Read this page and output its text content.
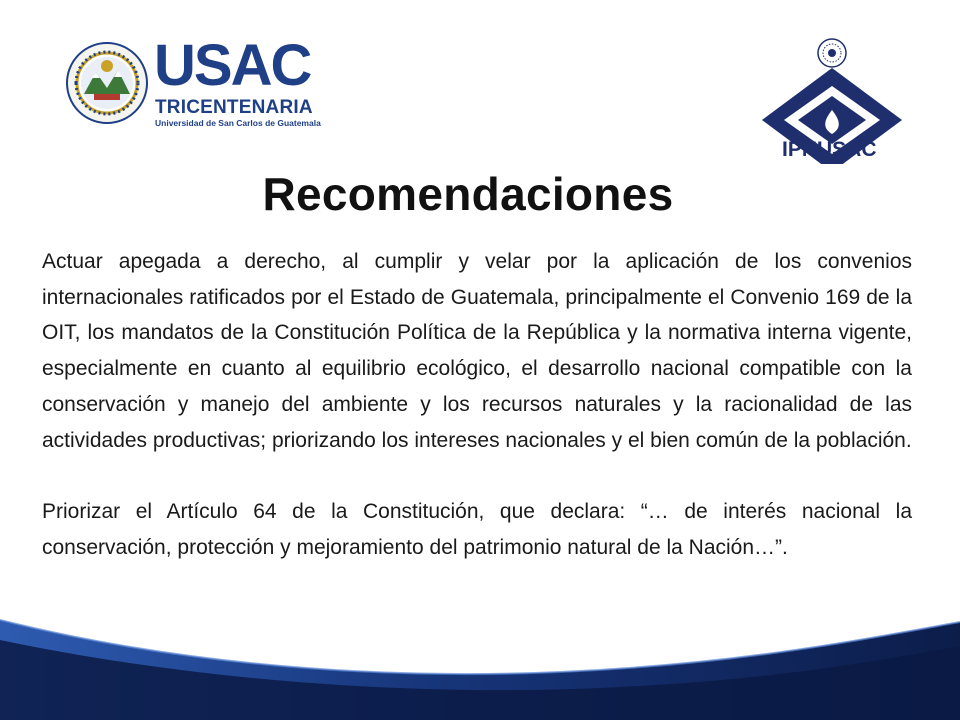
USAC
TRICENTENARIA
Universidad de San Carlos de Guatemala
IPNUSAC
Recomendaciones

Actuar apegada a derecho, al cumplir y velar por la aplicación de los convenios internacionales ratificados por el Estado de Guatemala, principalmente el Convenio 169 de la OIT, los mandatos de la Constitución Política de la República y la normativa interna vigente, especialmente en cuanto al equilibrio ecológico, el desarrollo nacional compatible con la conservación y manejo del ambiente y los recursos naturales y la racionalidad de las actividades productivas; priorizando los intereses nacionales y el bien común de la población.

Priorizar el Artículo 64 de la Constitución, que declara: “… de interés nacional la conservación, protección y mejoramiento del patrimonio natural de la Nación…”.
